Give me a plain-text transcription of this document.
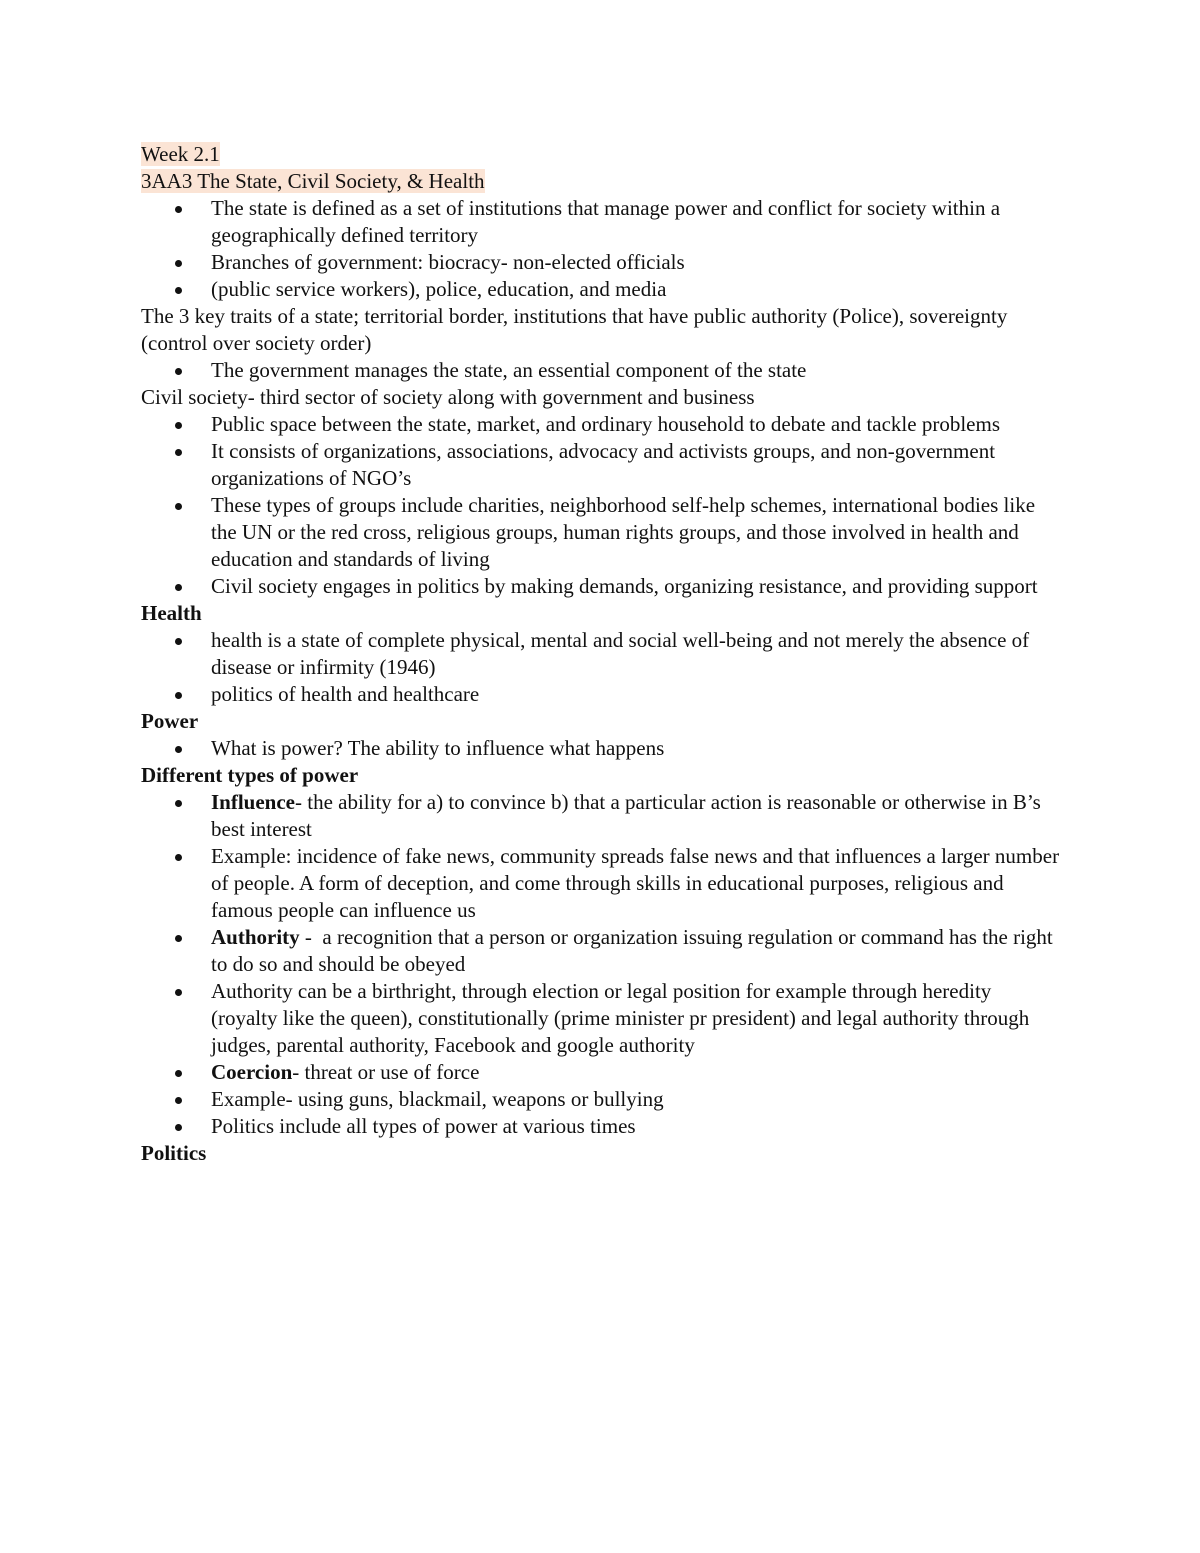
Week 2.1
3AA3 The State, Civil Society, & Health
The state is defined as a set of institutions that manage power and conflict for society within a geographically defined territory
Branches of government: biocracy- non-elected officials
(public service workers), police, education, and media
The 3 key traits of a state; territorial border, institutions that have public authority (Police), sovereignty (control over society order)
The government manages the state, an essential component of the state
Civil society- third sector of society along with government and business
Public space between the state, market, and ordinary household to debate and tackle problems
It consists of organizations, associations, advocacy and activists groups, and non-government organizations of NGO’s
These types of groups include charities, neighborhood self-help schemes, international bodies like the UN or the red cross, religious groups, human rights groups, and those involved in health and education and standards of living
Civil society engages in politics by making demands, organizing resistance, and providing support
Health
health is a state of complete physical, mental and social well-being and not merely the absence of disease or infirmity (1946)
politics of health and healthcare
Power
What is power? The ability to influence what happens
Different types of power
Influence- the ability for a) to convince b) that a particular action is reasonable or otherwise in B’s best interest
Example: incidence of fake news, community spreads false news and that influences a larger number of people. A form of deception, and come through skills in educational purposes, religious and famous people can influence us
Authority -  a recognition that a person or organization issuing regulation or command has the right to do so and should be obeyed
Authority can be a birthright, through election or legal position for example through heredity (royalty like the queen), constitutionally (prime minister pr president) and legal authority through judges, parental authority, Facebook and google authority
Coercion- threat or use of force
Example- using guns, blackmail, weapons or bullying
Politics include all types of power at various times
Politics
